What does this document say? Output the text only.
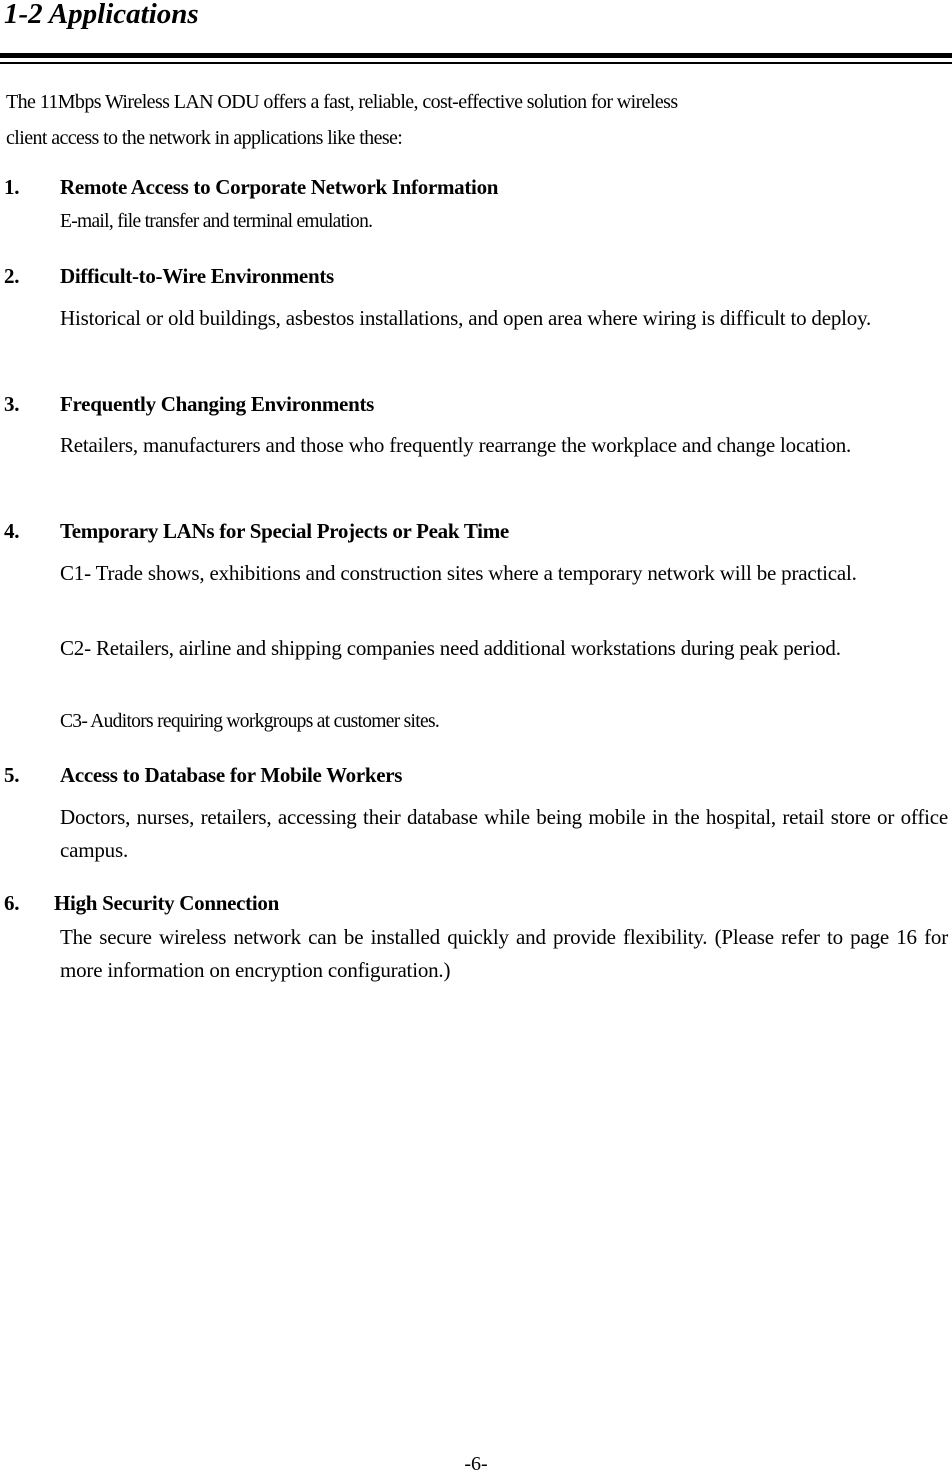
1-2 Applications
The 11Mbps Wireless LAN ODU offers a fast, reliable, cost-effective solution for wireless
client access to the network in applications like these:
1. Remote Access to Corporate Network Information
E-mail, file transfer and terminal emulation.
2. Difficult-to-Wire Environments
Historical or old buildings, asbestos installations, and open area where wiring is difficult to deploy.
3. Frequently Changing Environments
Retailers, manufacturers and those who frequently rearrange the workplace and change location.
4. Temporary LANs for Special Projects or Peak Time
C1- Trade shows, exhibitions and construction sites where a temporary network will be practical.
C2- Retailers, airline and shipping companies need additional workstations during peak period.
C3- Auditors requiring workgroups at customer sites.
5. Access to Database for Mobile Workers
Doctors, nurses, retailers, accessing their database while being mobile in the hospital, retail store or office campus.
6. High Security Connection
The secure wireless network can be installed quickly and provide flexibility. (Please refer to page 16 for more information on encryption configuration.)
-6-
